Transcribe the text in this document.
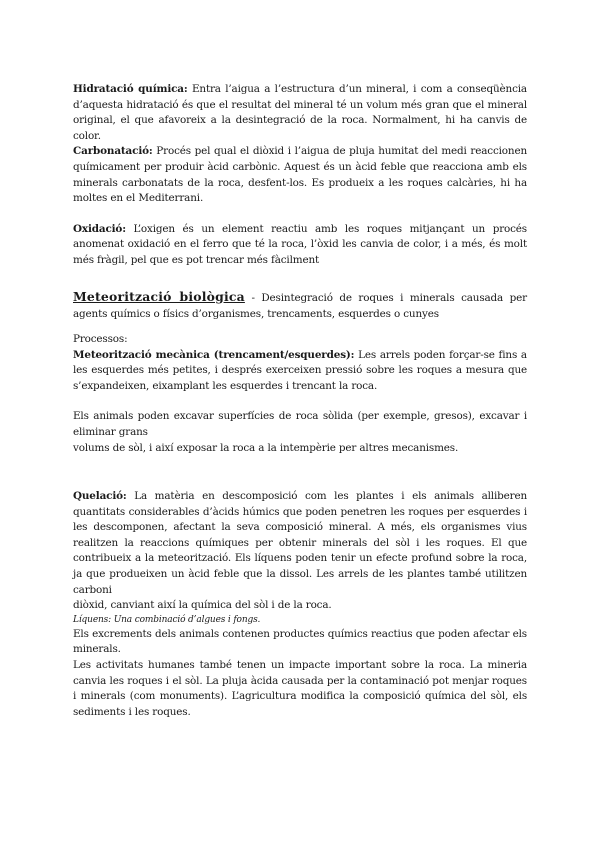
Hidratació química: Entra l’aigua a l’estructura d’un mineral, i com a conseqüència d’aquesta hidratació és que el resultat del mineral té un volum més gran que el mineral original, el que afavoreix a la desintegració de la roca. Normalment, hi ha canvis de color.

Carbonatació: Procés pel qual el diòxid i l’aigua de pluja humitat del medi reaccionen químicament per produir àcid carbònic. Aquest és un àcid feble que reacciona amb els minerals carbonatats de la roca, desfent-los. Es produeix a les roques calcàries, hi ha moltes en el Mediterrani.

Oxidació: L’oxigen és un element reactiu amb les roques mitjançant un procés anomenat oxidació en el ferro que té la roca, l’òxid les canvia de color, i a més, és molt més fràgil, pel que es pot trencar més fàcilment

Meteorització biològica - Desintegració de roques i minerals causada per agents químics o físics d’organismes, trencaments, esquerdes o cunyes

Processos:

Meteorització mecànica (trencament/esquerdes): Les arrels poden forçar-se fins a les esquerdes més petites, i després exerceixen pressió sobre les roques a mesura que s’expandeixen, eixamplant les esquerdes i trencant la roca.

Els animals poden excavar superfícies de roca sòlida (per exemple, gresos), excavar i eliminar grans

volums de sòl, i així exposar la roca a la intempèrie per altres mecanismes.

Quelació: La matèria en descomposició com les plantes i els animals alliberen quantitats considerables d’àcids húmics que poden penetren les roques per esquerdes i les descomponen, afectant la seva composició mineral. A més, els organismes vius realitzen la reaccions químiques per obtenir minerals del sòl i les roques. El que contribueix a la meteorització. Els líquens poden tenir un efecte profund sobre la roca, ja que produeixen un àcid feble que la dissol. Les arrels de les plantes també utilitzen carboni

diòxid, canviant així la química del sòl i de la roca.

Líquens: Una combinació d’algues i fongs.

Els excrements dels animals contenen productes químics reactius que poden afectar els minerals.

Les activitats humanes també tenen un impacte important sobre la roca. La mineria canvia les roques i el sòl. La pluja àcida causada per la contaminació pot menjar roques i minerals (com monuments). L’agricultura modifica la composició química del sòl, els sediments i les roques.
